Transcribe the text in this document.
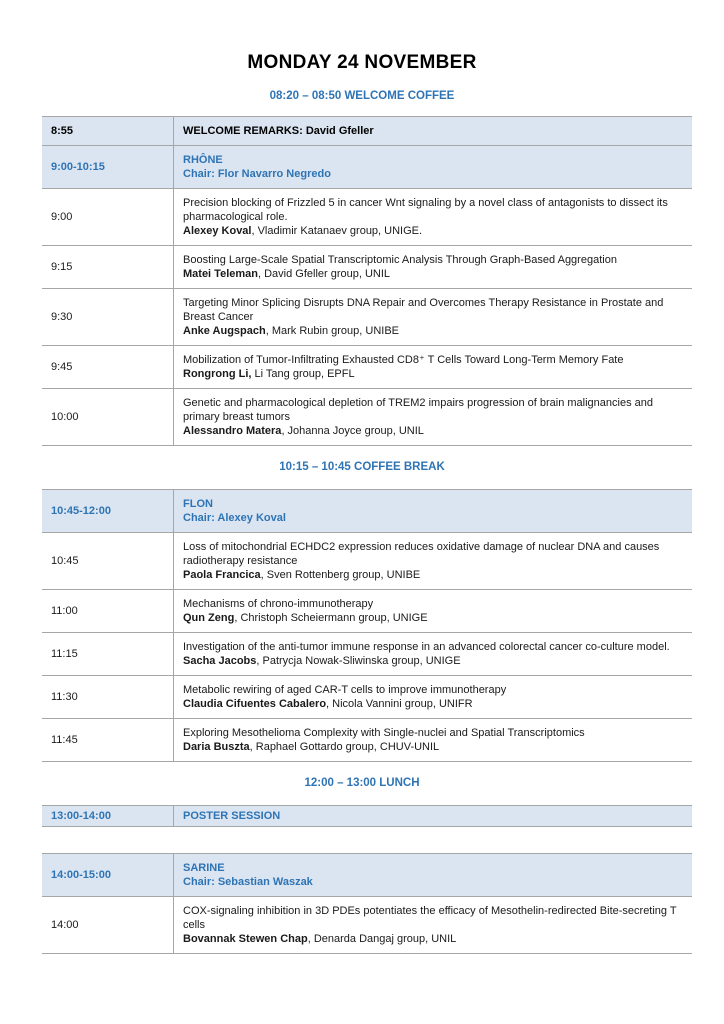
MONDAY 24 NOVEMBER
08:20 – 08:50 WELCOME COFFEE
8:55	WELCOME REMARKS: David Gfeller
9:00-10:15	RHÔNE
Chair: Flor Navarro Negredo

9:00	Precision blocking of Frizzled 5 in cancer Wnt signaling by a novel class of antagonists to dissect its pharmacological role.
Alexey Koval, Vladimir Katanaev group, UNIGE.

9:15	Boosting Large-Scale Spatial Transcriptomic Analysis Through Graph-Based Aggregation
Matei Teleman, David Gfeller group, UNIL

9:30	Targeting Minor Splicing Disrupts DNA Repair and Overcomes Therapy Resistance in Prostate and Breast Cancer
Anke Augspach, Mark Rubin group, UNIBE

9:45	Mobilization of Tumor-Infiltrating Exhausted CD8⁺ T Cells Toward Long-Term Memory Fate
Rongrong Li, Li Tang group, EPFL

10:00	Genetic and pharmacological depletion of TREM2 impairs progression of brain malignancies and primary breast tumors
Alessandro Matera, Johanna Joyce group, UNIL
10:15 – 10:45 COFFEE BREAK
10:45-12:00	FLON
Chair: Alexey Koval

10:45	Loss of mitochondrial ECHDC2 expression reduces oxidative damage of nuclear DNA and causes radiotherapy resistance
Paola Francica, Sven Rottenberg group, UNIBE

11:00	Mechanisms of chrono-immunotherapy
Qun Zeng, Christoph Scheiermann group, UNIGE

11:15	Investigation of the anti-tumor immune response in an advanced colorectal cancer co-culture model.
Sacha Jacobs, Patrycja Nowak-Sliwinska group, UNIGE

11:30	Metabolic rewiring of aged CAR-T cells to improve immunotherapy
Claudia Cifuentes Cabalero, Nicola Vannini group, UNIFR

11:45	Exploring Mesothelioma Complexity with Single-nuclei and Spatial Transcriptomics
Daria Buszta, Raphael Gottardo group, CHUV-UNIL
12:00 – 13:00 LUNCH
13:00-14:00	POSTER SESSION
14:00-15:00	SARINE
Chair: Sebastian Waszak

14:00	COX-signaling inhibition in 3D PDEs potentiates the efficacy of Mesothelin-redirected Bite-secreting T cells
Bovannak Stewen Chap, Denarda Dangaj group, UNIL
